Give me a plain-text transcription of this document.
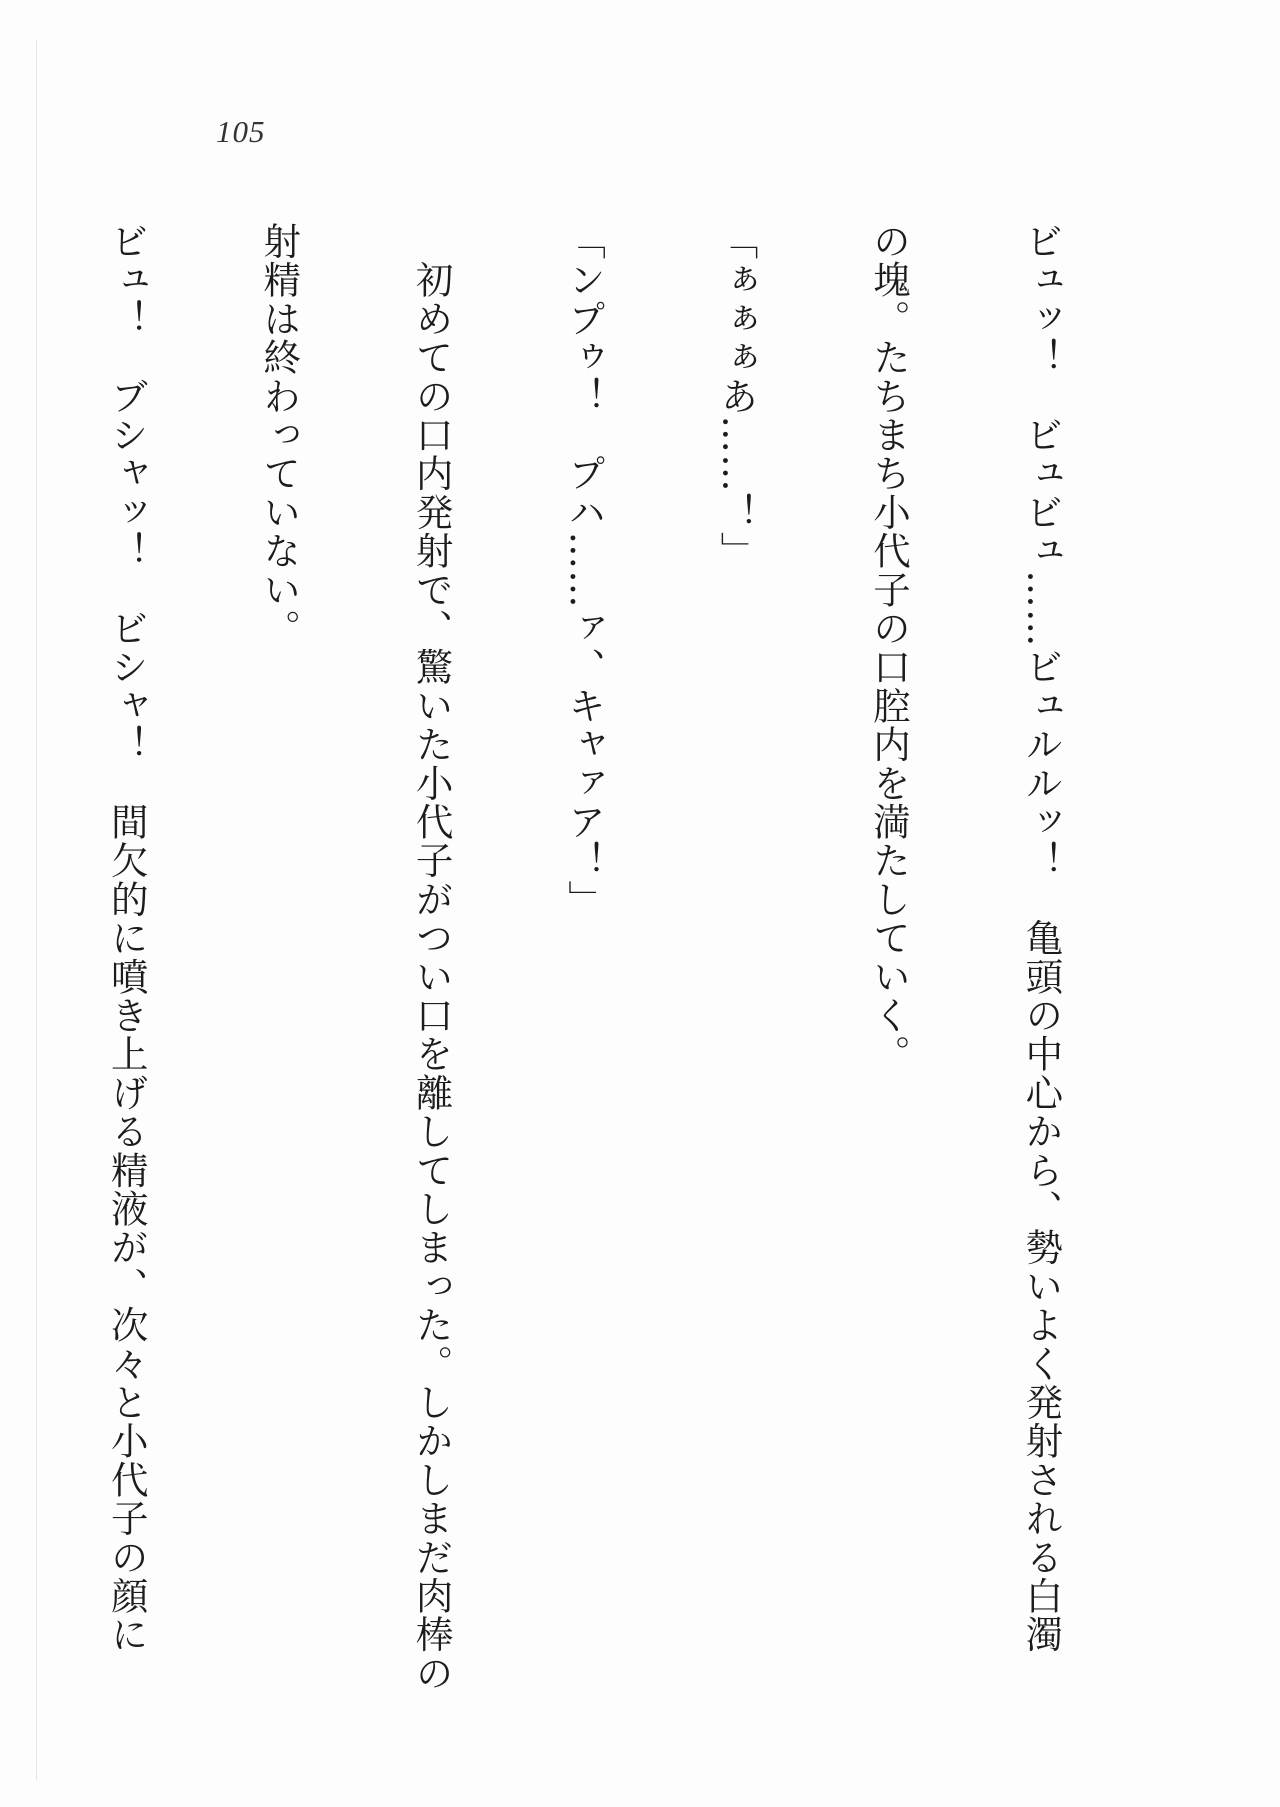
105

ビュッ！　ビュビュ……ビュルルッ！　亀頭の中心から、勢いよく発射される白濁

の塊。たちまち小代子の口腔内を満たしていく。

「ぁぁぁあ……！」

「ンプゥ！　プハ……ァ、キャァア！」

　初めての口内発射で、驚いた小代子がつい口を離してしまった。しかしまだ肉棒の

射精は終わっていない。

ビュ！　ブシャッ！　ビシャ！　間欠的に噴き上げる精液が、次々と小代子の顔に
